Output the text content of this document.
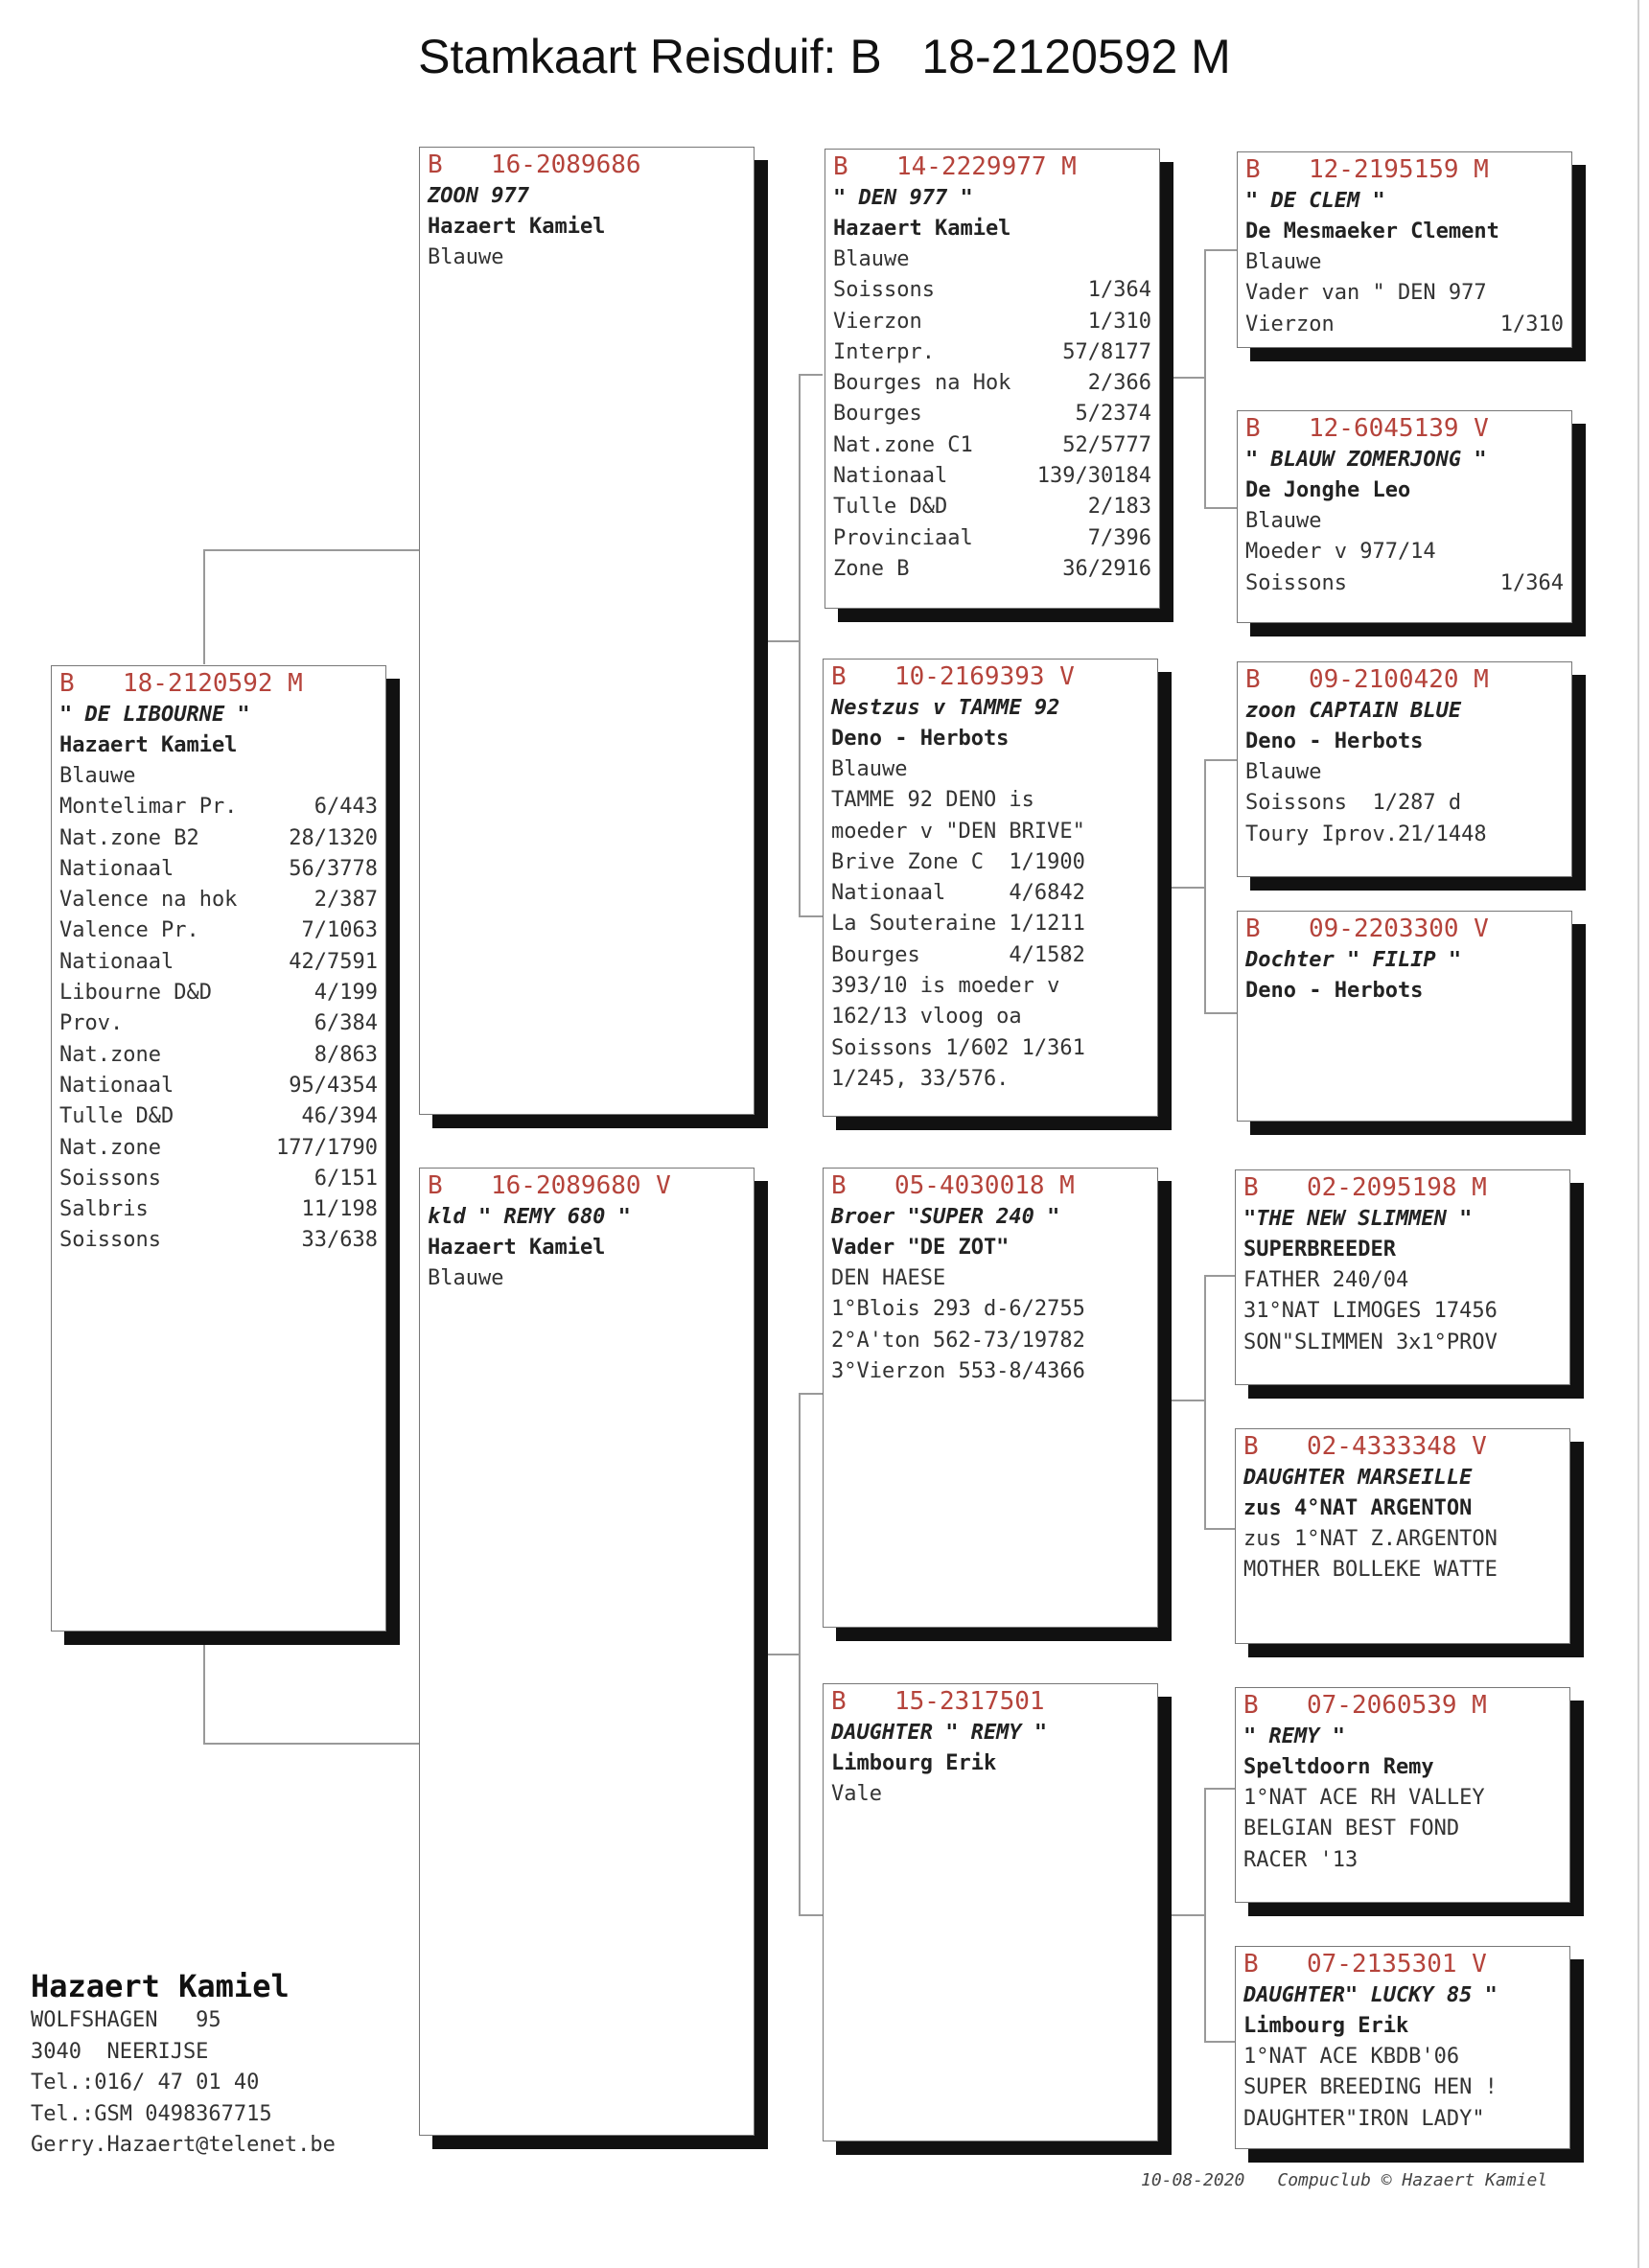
Stamkaart Reisduif: B 18-2120592 M
B 18-2120592 M
" DE LIBOURNE "
Hazaert Kamiel
Blauwe
Montelimar Pr.	6/443
Nat.zone B2	28/1320
Nationaal	56/3778
Valence na hok	2/387
Valence Pr.	7/1063
Nationaal	42/7591
Libourne D&D	4/199
Prov.	6/384
Nat.zone	8/863
Nationaal	95/4354
Tulle D&D	46/394
Nat.zone	177/1790
Soissons	6/151
Salbris	11/198
Soissons	33/638
B 16-2089686
ZOON 977
Hazaert Kamiel
Blauwe
B 16-2089680 V
kld " REMY 680 "
Hazaert Kamiel
Blauwe
B 14-2229977 M
" DEN 977 "
Hazaert Kamiel
Blauwe
Soissons	1/364
Vierzon	1/310
Interpr.	57/8177
Bourges na Hok	2/366
Bourges	5/2374
Nat.zone C1	52/5777
Nationaal	139/30184
Tulle D&D	2/183
Provinciaal	7/396
Zone B	36/2916
B 10-2169393 V
Nestzus v TAMME 92
Deno - Herbots
Blauwe
TAMME 92 DENO is
moeder v "DEN BRIVE"
Brive Zone C  1/1900
Nationaal     4/6842
La Souteraine 1/1211
Bourges       4/1582
393/10 is moeder v
162/13 vloog oa
Soissons 1/602 1/361
1/245, 33/576.
B 05-4030018 M
Broer "SUPER 240 "
Vader "DE ZOT"
DEN HAESE
1°Blois 293 d-6/2755
2°A'ton 562-73/19782
3°Vierzon 553-8/4366
B 15-2317501
DAUGHTER " REMY "
Limbourg Erik
Vale
B 12-2195159 M
" DE CLEM "
De Mesmaeker Clement
Blauwe
Vader van " DEN 977
Vierzon	1/310
B 12-6045139 V
" BLAUW ZOMERJONG "
De Jonghe Leo
Blauwe
Moeder v 977/14
Soissons	1/364
B 09-2100420 M
zoon CAPTAIN BLUE
Deno - Herbots
Blauwe
Soissons  1/287 d
Toury Iprov.21/1448
B 09-2203300 V
Dochter " FILIP "
Deno - Herbots
B 02-2095198 M
"THE NEW SLIMMEN "
SUPERBREEDER
FATHER 240/04
31°NAT LIMOGES 17456
SON"SLIMMEN 3x1°PROV
B 02-4333348 V
DAUGHTER MARSEILLE
zus 4°NAT ARGENTON
zus 1°NAT Z.ARGENTON
MOTHER BOLLEKE WATTE
B 07-2060539 M
" REMY "
Speltdoorn Remy
1°NAT ACE RH VALLEY
BELGIAN BEST FOND
RACER '13
B 07-2135301 V
DAUGHTER" LUCKY 85 "
Limbourg Erik
1°NAT ACE KBDB'06
SUPER BREEDING HEN !
DAUGHTER"IRON LADY"
Hazaert Kamiel
WOLFSHAGEN   95
3040  NEERIJSE
Tel.:016/ 47 01 40
Tel.:GSM 0498367715
Gerry.Hazaert@telenet.be
10-08-2020 Compuclub © Hazaert Kamiel
